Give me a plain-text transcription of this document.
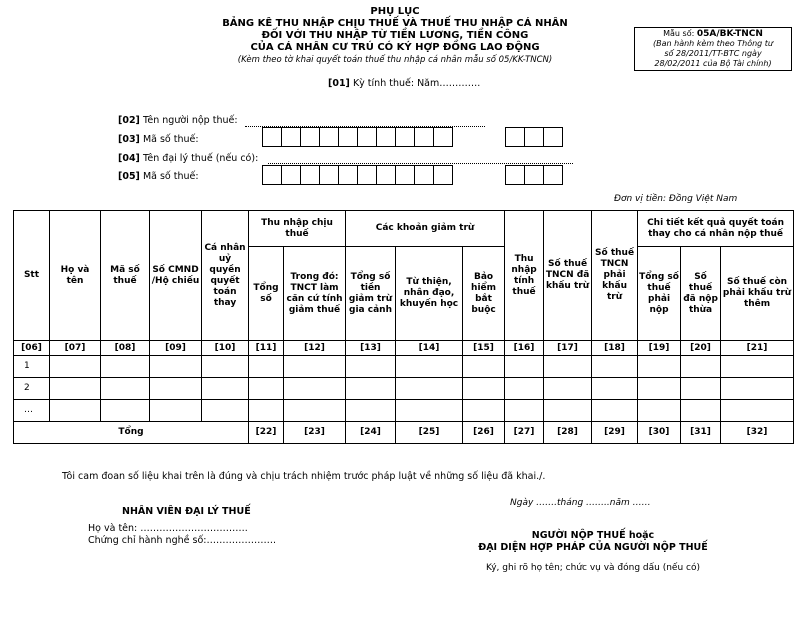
PHỤ LỤC
BẢNG KÊ THU NHẬP CHỊU THUẾ VÀ THUẾ THU NHẬP CÁ NHÂN
ĐỐI VỚI THU NHẬP TỪ TIỀN LƯƠNG, TIỀN CÔNG
CỦA CÁ NHÂN CƯ TRÚ CÓ KÝ HỢP ĐỒNG LAO ĐỘNG
(Kèm theo tờ khai quyết toán thuế thu nhập cá nhân mẫu số 05/KK-TNCN)
Mẫu số: 05A/BK-TNCN
(Ban hành kèm theo Thông tư
số 28/2011/TT-BTC ngày
28/02/2011 của Bộ Tài chính)
[01] Kỳ tính thuế: Năm………….
[02] Tên người nộp thuế:
[03] Mã số thuế:
[04] Tên đại lý thuế (nếu có):
[05] Mã số thuế:
Đơn vị tiền: Đồng Việt Nam
Stt	Họ và tên	Mã số thuế	Số CMND /Hộ chiếu	Cá nhân uỷ quyền quyết toán thay	Thu nhập chịu thuế		Các khoản giảm trừ			Thu nhập tính thuế	Số thuế TNCN đã khấu trừ	Số thuế TNCN phải khấu trừ	Chi tiết kết quả quyết toán thay cho cá nhân nộp thuế		
					Tổng số	Trong đó: TNCT làm căn cứ tính giảm thuế	Tổng số tiền giảm trừ gia cảnh	Từ thiện, nhân đạo, khuyến học	Bảo hiểm bắt buộc				Tổng số thuế phải nộp	Số thuế đã nộp thừa	Số thuế còn phải khấu trừ thêm
[06]	[07]	[08]	[09]	[10]	[11]	[12]	[13]	[14]	[15]	[16]	[17]	[18]	[19]	[20]	[21]
1															
2															
…															
Tổng					[22]	[23]	[24]	[25]	[26]	[27]	[28]	[29]	[30]	[31]	[32]
Tôi cam đoan số liệu khai trên là đúng và chịu trách nhiệm trước pháp luật về những số liệu đã khai./.
Ngày …….tháng ……..năm ……
NHÂN VIÊN ĐẠI LÝ THUẾ
Họ và tên: …………………………….
Chứng chỉ hành nghề số:………………….	NGƯỜI NỘP THUẾ hoặc
ĐẠI DIỆN HỢP PHÁP CỦA NGƯỜI NỘP THUẾ
Ký, ghi rõ họ tên; chức vụ và đóng dấu (nếu có)
